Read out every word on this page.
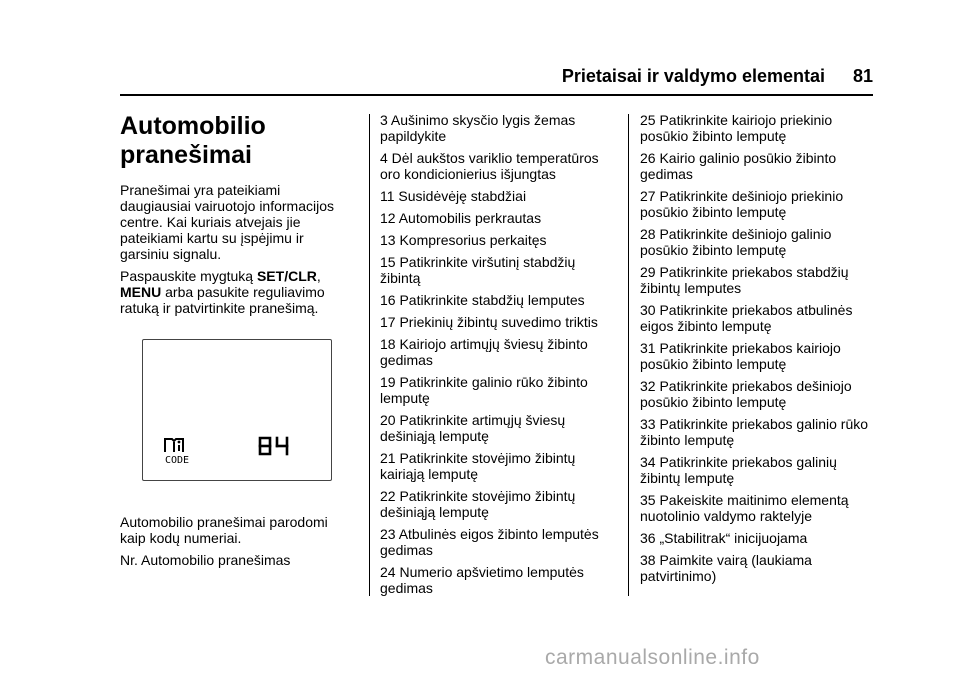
Prietaisai ir valdymo elementai 81
Automobilio
pranešimai

Pranešimai yra pateikiami daugiausiai vairuotojo informacijos centre. Kai kuriais atvejais jie pateikiami kartu su įspėjimu ir garsiniu signalu.

Paspauskite mygtuką SET/CLR,
MENU arba pasukite reguliavimo ratuką ir patvirtinkite pranešimą.

CODE

Automobilio pranešimai parodomi kaip kodų numeriai.

Nr. Automobilio pranešimas

3 Aušinimo skysčio lygis žemas papildykite

4 Dėl aukštos variklio temperatūros oro kondicionierius išjungtas

11 Susidėvėję stabdžiai

12 Automobilis perkrautas

13 Kompresorius perkaitęs

15 Patikrinkite viršutinį stabdžių žibintą

16 Patikrinkite stabdžių lemputes

17 Priekinių žibintų suvedimo triktis

18 Kairiojo artimųjų šviesų žibinto gedimas

19 Patikrinkite galinio rūko žibinto lemputę

20 Patikrinkite artimųjų šviesų dešiniąją lemputę

21 Patikrinkite stovėjimo žibintų kairiąją lemputę

22 Patikrinkite stovėjimo žibintų dešiniąją lemputę

23 Atbulinės eigos žibinto lemputės gedimas

24 Numerio apšvietimo lemputės gedimas

25 Patikrinkite kairiojo priekinio posūkio žibinto lemputę

26 Kairio galinio posūkio žibinto gedimas

27 Patikrinkite dešiniojo priekinio posūkio žibinto lemputę

28 Patikrinkite dešiniojo galinio posūkio žibinto lemputę

29 Patikrinkite priekabos stabdžių žibintų lemputes

30 Patikrinkite priekabos atbulinės eigos žibinto lemputę

31 Patikrinkite priekabos kairiojo posūkio žibinto lemputę

32 Patikrinkite priekabos dešiniojo posūkio žibinto lemputę

33 Patikrinkite priekabos galinio rūko žibinto lemputę

34 Patikrinkite priekabos galinių žibintų lemputę

35 Pakeiskite maitinimo elementą nuotolinio valdymo raktelyje

36 „Stabilitrak“ inicijuojama

38 Paimkite vairą (laukiama patvirtinimo)

carmanualsonline.info
